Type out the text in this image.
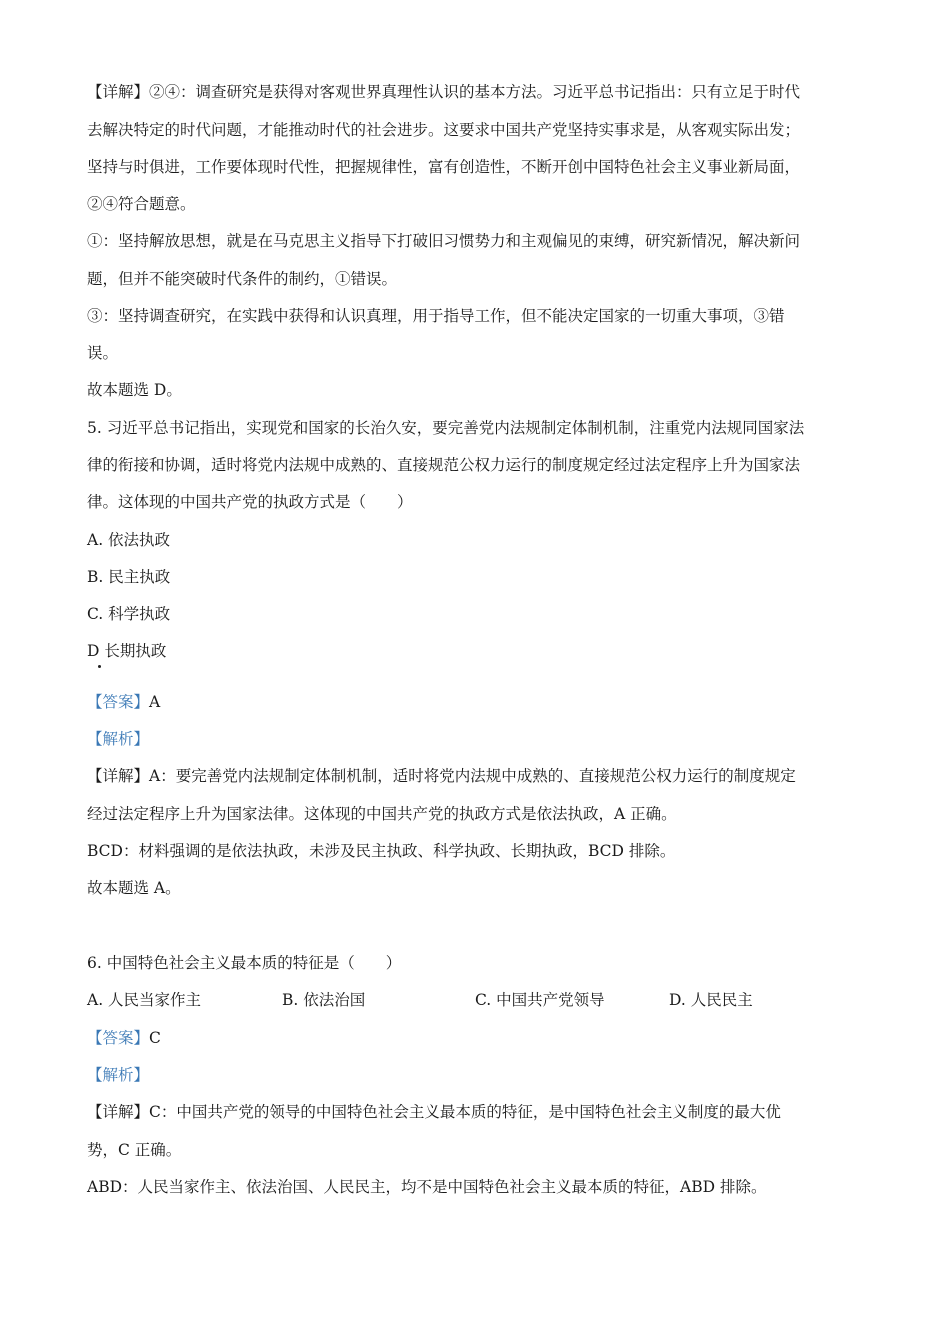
【详解】②④：调查研究是获得对客观世界真理性认识的基本方法。习近平总书记指出：只有立足于时代
去解决特定的时代问题，才能推动时代的社会进步。这要求中国共产党坚持实事求是，从客观实际出发；
坚持与时俱进，工作要体现时代性，把握规律性，富有创造性，不断开创中国特色社会主义事业新局面，
②④符合题意。
①：坚持解放思想，就是在马克思主义指导下打破旧习惯势力和主观偏见的束缚，研究新情况，解决新问
题，但并不能突破时代条件的制约，①错误。
③：坚持调查研究，在实践中获得和认识真理，用于指导工作，但不能决定国家的一切重大事项，③错
误。
故本题选 D。
5. 习近平总书记指出，实现党和国家的长治久安，要完善党内法规制定体制机制，注重党内法规同国家法
律的衔接和协调，适时将党内法规中成熟的、直接规范公权力运行的制度规定经过法定程序上升为国家法
律。这体现的中国共产党的执政方式是（　　）
A. 依法执政
B. 民主执政
C. 科学执政
D 长期执政
【答案】A
【解析】
【详解】A：要完善党内法规制定体制机制，适时将党内法规中成熟的、直接规范公权力运行的制度规定
经过法定程序上升为国家法律。这体现的中国共产党的执政方式是依法执政，A 正确。
BCD：材料强调的是依法执政，未涉及民主执政、科学执政、长期执政，BCD 排除。
故本题选 A。
6. 中国特色社会主义最本质的特征是（　　）
A. 人民当家作主	B. 依法治国	C. 中国共产党领导	D. 人民民主
【答案】C
【解析】
【详解】C：中国共产党的领导的中国特色社会主义最本质的特征，是中国特色社会主义制度的最大优
势，C 正确。
ABD：人民当家作主、依法治国、人民民主，均不是中国特色社会主义最本质的特征，ABD 排除。
